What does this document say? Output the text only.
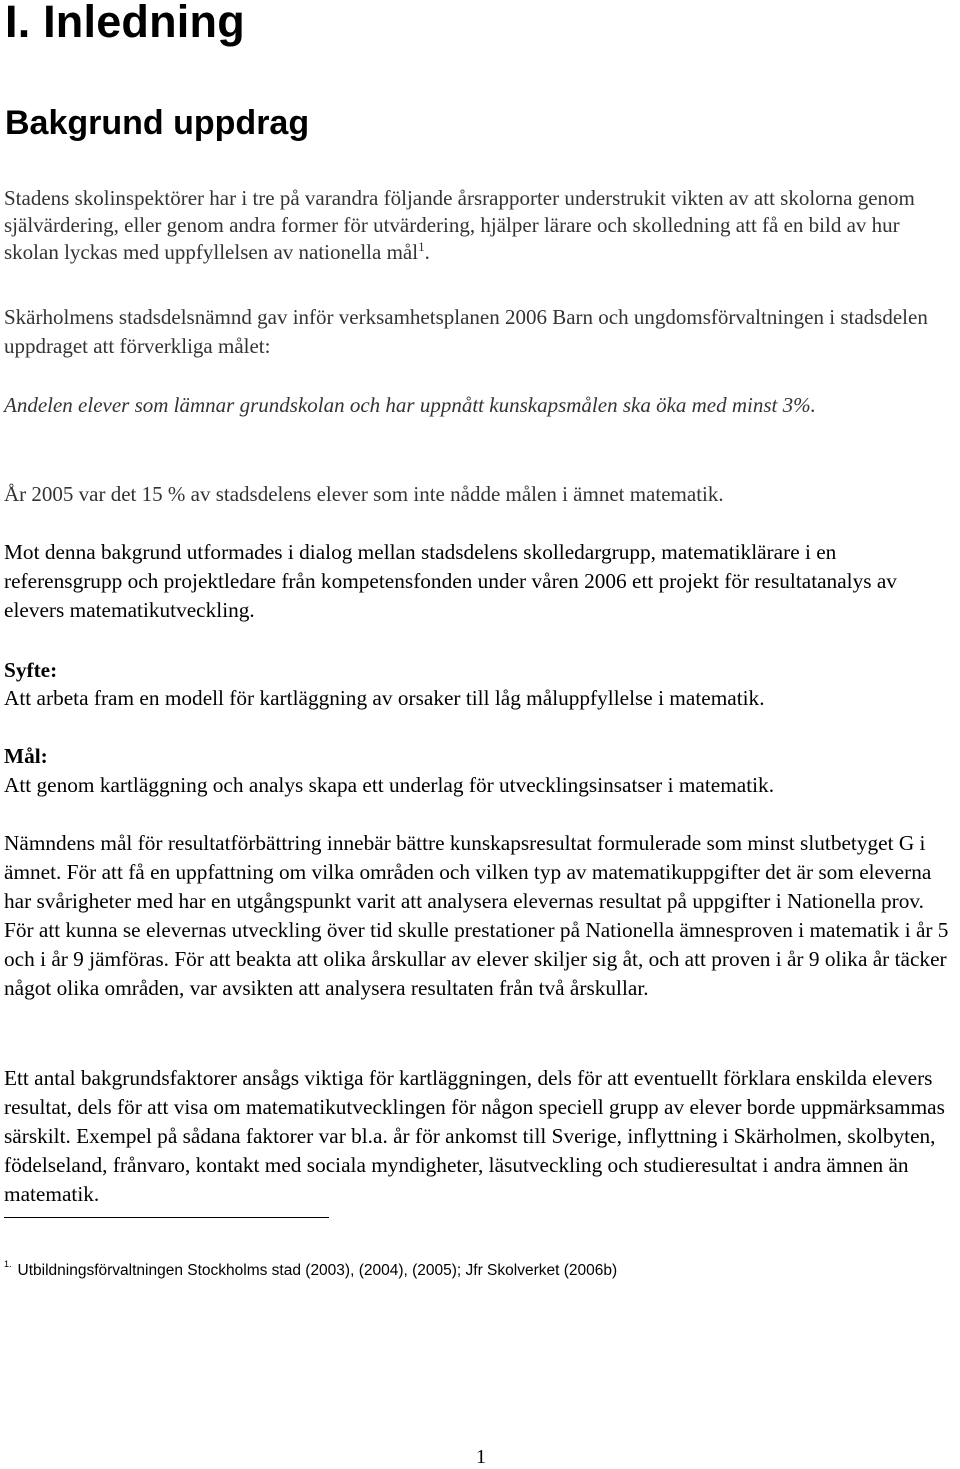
I. Inledning
Bakgrund uppdrag

Stadens skolinspektörer har i tre på varandra följande årsrapporter understrukit vikten av att skolorna genom självärdering, eller genom andra former för utvärdering, hjälper lärare och skolledning att få en bild av hur skolan lyckas med uppfyllelsen av nationella mål$^1$.

Skärholmens stadsdelsnämnd gav inför verksamhetsplanen 2006 Barn och ungdomsförvaltningen i stadsdelen uppdraget att förverkliga målet:

Andelen elever som lämnar grundskolan och har uppnått kunskapsmålen ska öka med minst 3%.

År 2005 var det 15 % av stadsdelens elever som inte nådde målen i ämnet matematik.

Mot denna bakgrund utformades i dialog mellan stadsdelens skolledargrupp, matematiklärare i en referensgrupp och projektledare från kompetensfonden under våren 2006 ett projekt för resultatanalys av elevers matematikutveckling.

Syfte:

Att arbeta fram en modell för kartläggning av orsaker till låg måluppfyllelse i matematik.

Mål:

Att genom kartläggning och analys skapa ett underlag för utvecklingsinsatser i matematik.

Nämndens mål för resultatförbättring innebär bättre kunskapsresultat formulerade som minst slutbetyget G i ämnet. För att få en uppfattning om vilka områden och vilken typ av matematikuppgifter det är som eleverna har svårigheter med har en utgångspunkt varit att analysera elevernas resultat på uppgifter i Nationella prov. För att kunna se elevernas utveckling över tid skulle prestationer på Nationella ämnesproven i matematik i år 5 och i år 9 jämföras. För att beakta att olika årskullar av elever skiljer sig åt, och att proven i år 9 olika år täcker något olika områden, var avsikten att analysera resultaten från två årskullar.

Ett antal bakgrundsfaktorer ansågs viktiga för kartläggningen, dels för att eventuellt förklara enskilda elevers resultat, dels för att visa om matematikutvecklingen för någon speciell grupp av elever borde uppmärksammas särskilt. Exempel på sådana faktorer var bl.a. år för ankomst till Sverige, inflyttning i Skärholmen, skolbyten, födelseland, frånvaro, kontakt med sociala myndigheter, läsutveckling och studieresultat i andra ämnen än matematik.

$^{1.}$ Utbildningsförvaltningen Stockholms stad (2003), (2004), (2005); Jfr Skolverket (2006b)

1
